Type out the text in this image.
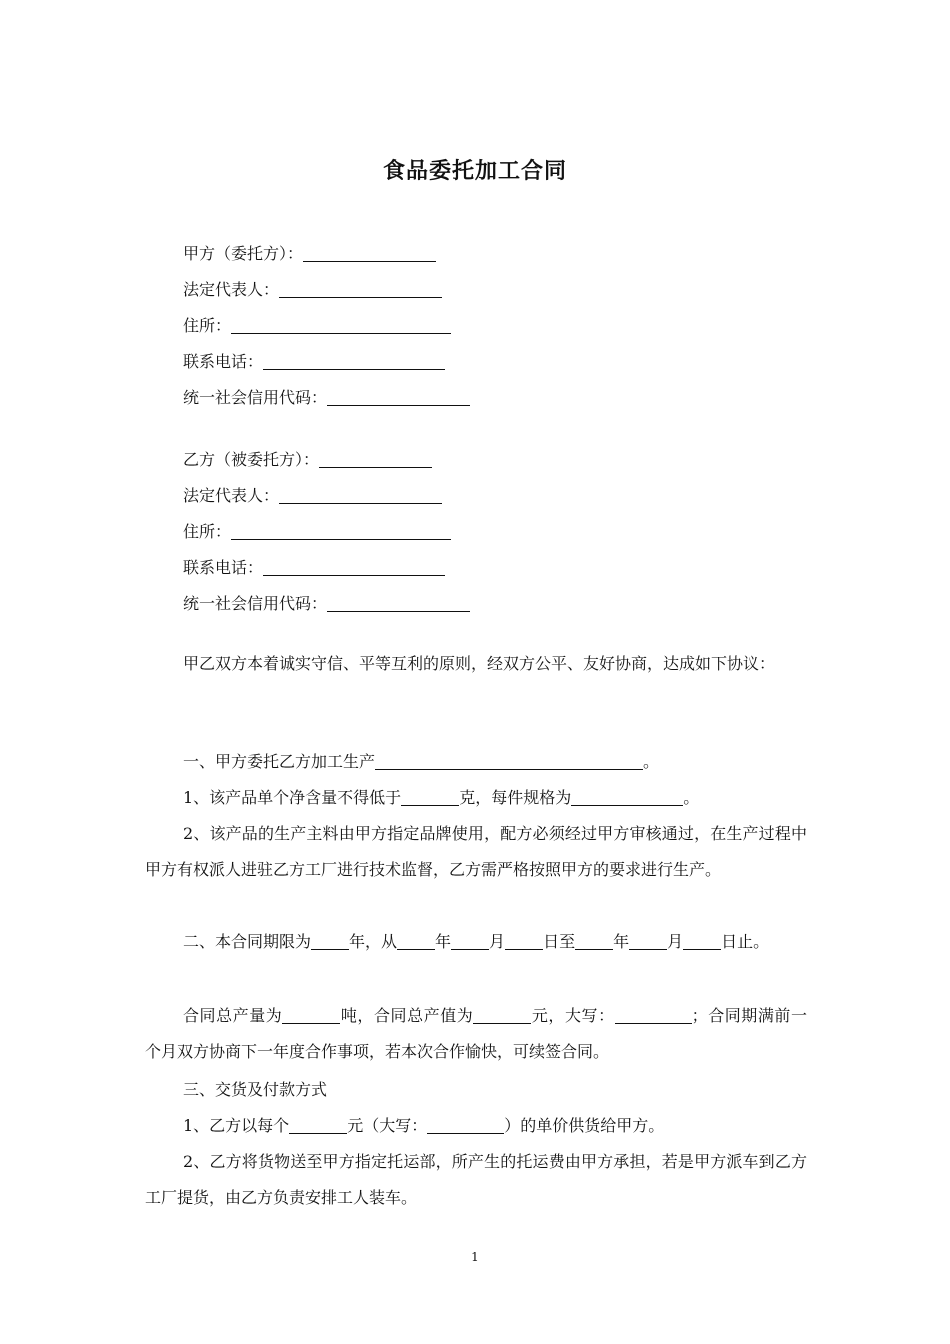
食品委托加工合同
甲方（委托方）：
法定代表人：
住所：
联系电话：
统一社会信用代码：
乙方（被委托方）：
法定代表人：
住所：
联系电话：
统一社会信用代码：
甲乙双方本着诚实守信、平等互利的原则，经双方公平、友好协商，达成如下协议：
一、甲方委托乙方加工生产	。
1、该产品单个净含量不得低于	克，每件规格为	。
2、该产品的生产主料由甲方指定品牌使用，配方必须经过甲方审核通过，在生产过程中甲方有权派人进驻乙方工厂进行技术监督，乙方需严格按照甲方的要求进行生产。
二、本合同期限为 年，从 年 月 日至 年 月 日止。
合同总产量为	吨，合同总产值为	元，大写：	；合同期满前一个月双方协商下一年度合作事项，若本次合作愉快，可续签合同。
三、交货及付款方式
1、乙方以每个	元（大写：	）的单价供货给甲方。
2、乙方将货物送至甲方指定托运部，所产生的托运费由甲方承担，若是甲方派车到乙方工厂提货，由乙方负责安排工人装车。
1
